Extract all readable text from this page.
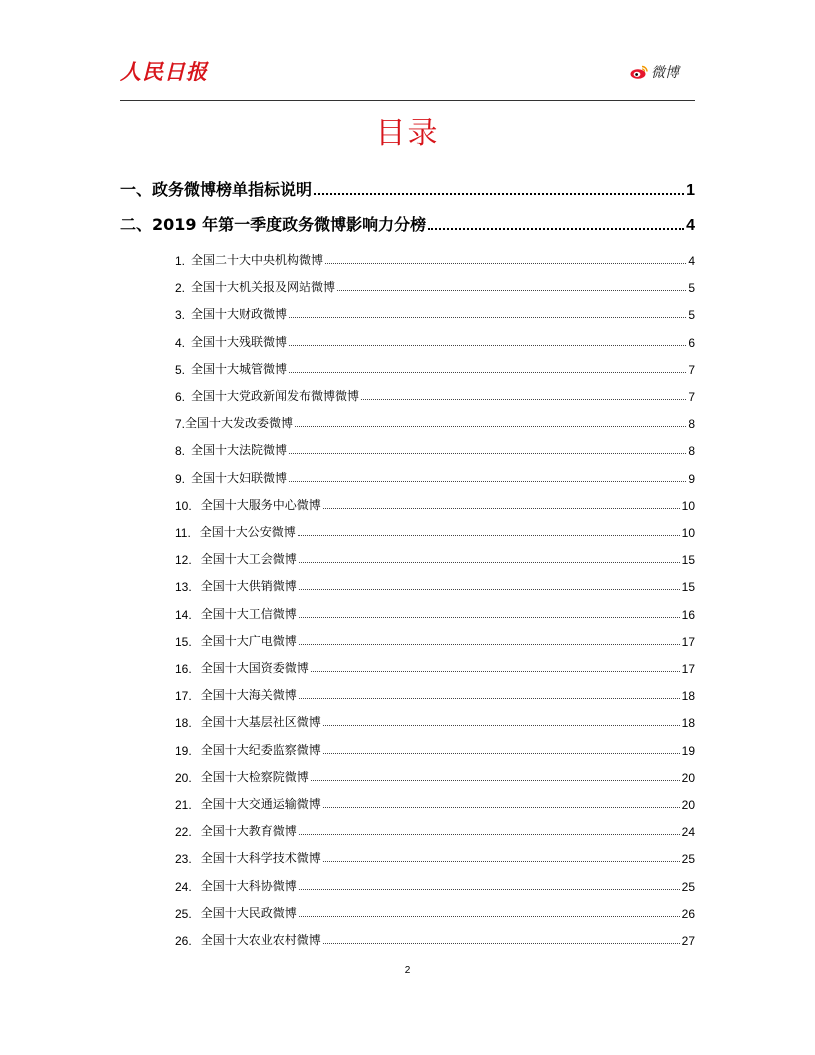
人民日报	微博
目录
一、政务微博榜单指标说明	1
二、2019 年第一季度政务微博影响力分榜	4
1. 全国二十大中央机构微博	4
2. 全国十大机关报及网站微博	5
3. 全国十大财政微博	5
4. 全国十大残联微博	6
5. 全国十大城管微博	7
6. 全国十大党政新闻发布微博微博	7
7. 全国十大发改委微博	8
8. 全国十大法院微博	8
9. 全国十大妇联微博	9
10. 全国十大服务中心微博	10
11. 全国十大公安微博	10
12. 全国十大工会微博	15
13. 全国十大供销微博	15
14. 全国十大工信微博	16
15. 全国十大广电微博	17
16. 全国十大国资委微博	17
17. 全国十大海关微博	18
18. 全国十大基层社区微博	18
19. 全国十大纪委监察微博	19
20. 全国十大检察院微博	20
21. 全国十大交通运输微博	20
22. 全国十大教育微博	24
23. 全国十大科学技术微博	25
24. 全国十大科协微博	25
25. 全国十大民政微博	26
26. 全国十大农业农村微博	27
2
